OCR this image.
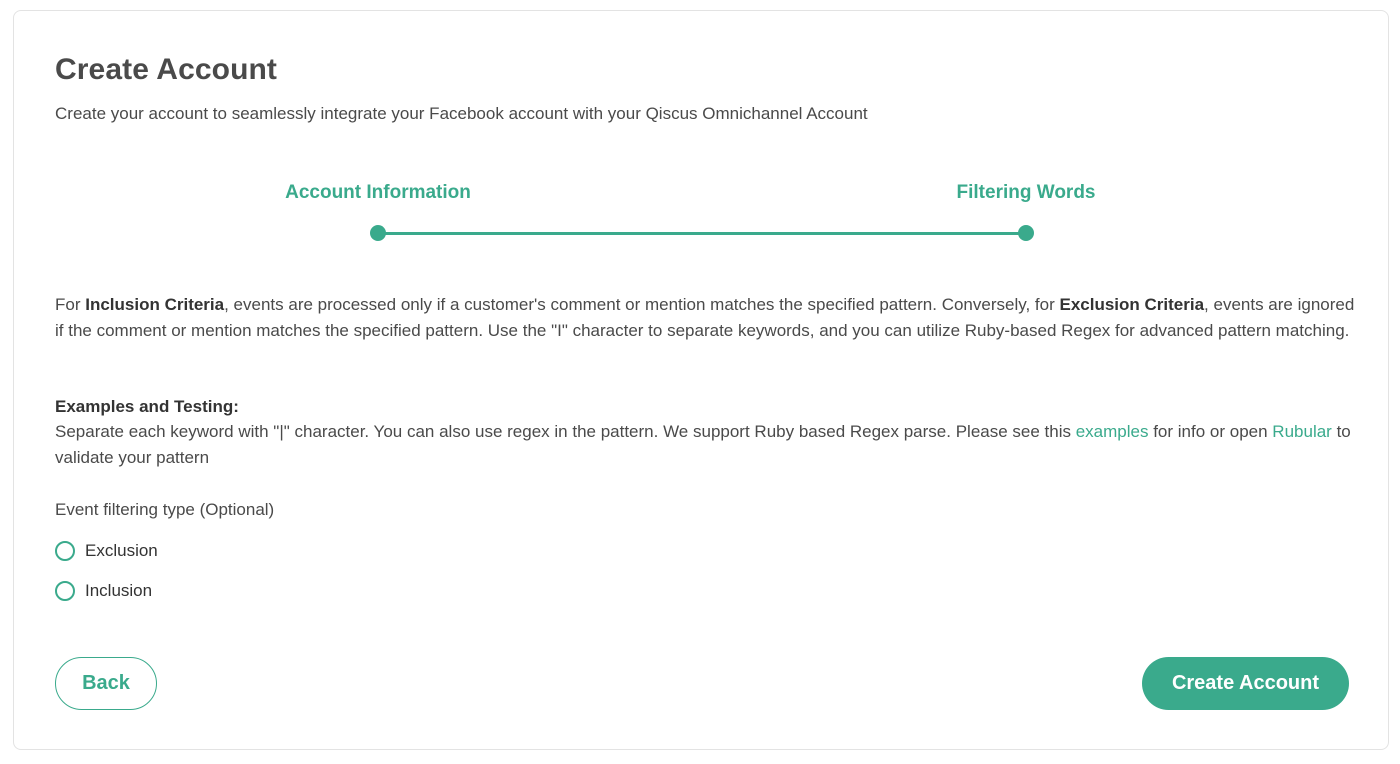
Create Account
Create your account to seamlessly integrate your Facebook account with your Qiscus Omnichannel Account
Account Information	Filtering Words

For Inclusion Criteria, events are processed only if a customer's comment or mention matches the specified pattern. Conversely, for Exclusion Criteria, events are ignored if the comment or mention matches the specified pattern. Use the "I" character to separate keywords, and you can utilize Ruby-based Regex for advanced pattern matching.

Examples and Testing:

Separate each keyword with "|" character. You can also use regex in the pattern. We support Ruby based Regex parse. Please see this examples for info or open Rubular to validate your pattern

Event filtering type (Optional)
Exclusion
Inclusion
Back	Create Account
